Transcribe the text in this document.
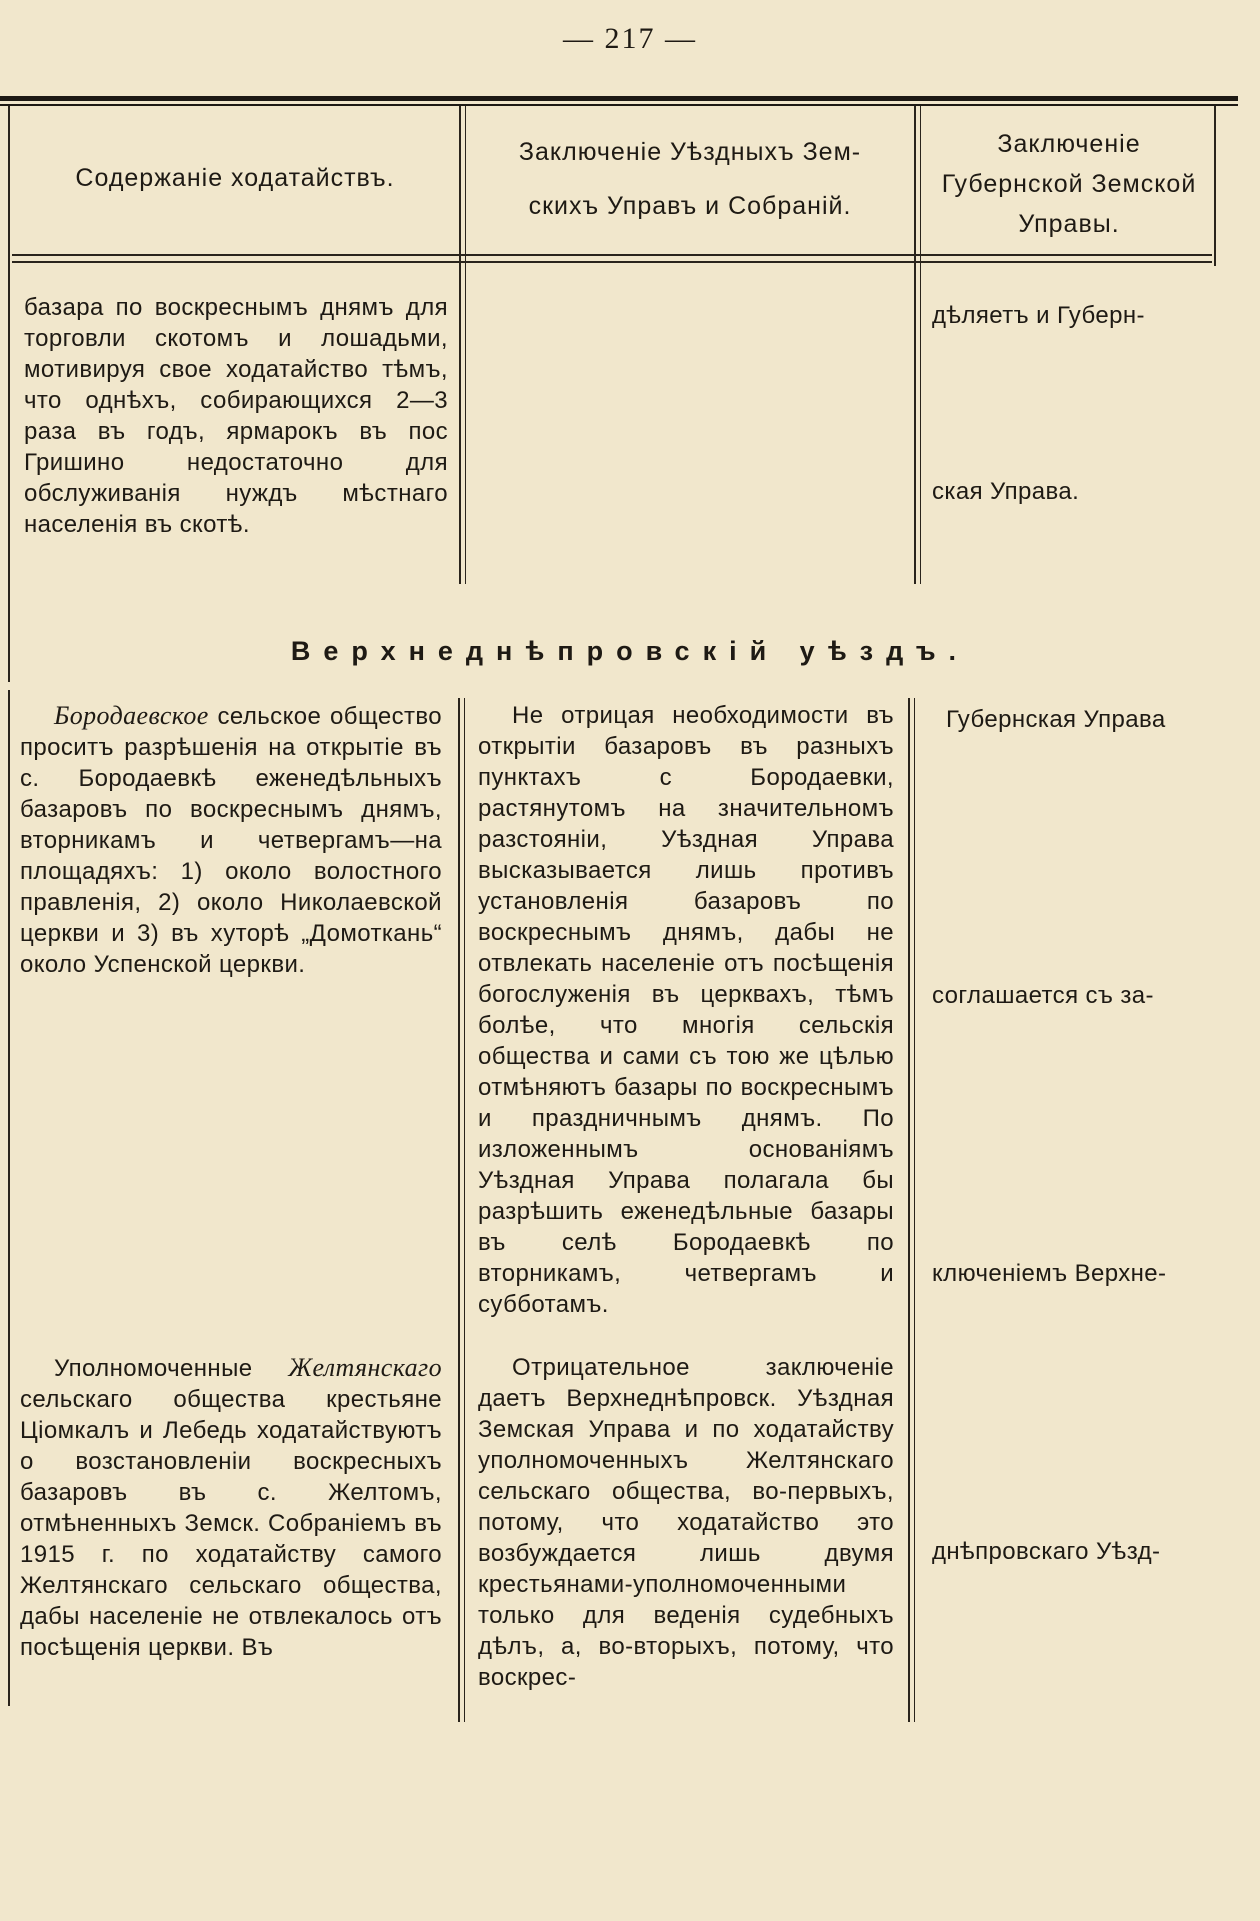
— 217 —
Содержаніе ходатайствъ.
Заключеніе Уѣздныхъ Зем-
скихъ Управъ и Собраній.
Заключеніе
Губернской Земской
Управы.

базара по воскреснымъ днямъ для торговли скотомъ и лошадьми, мотивируя свое ходатайство тѣмъ, что однѣхъ, собирающихся 2—3 раза въ годъ, ярмарокъ въ пос Гришино недостаточно для обслуживанія нуждъ мѣстнаго населенія въ скотѣ.

дѣляетъ и Губерн-
ская Управа.
Верхнеднѣпровскій уѣздъ.

Бородаевское сельское общество проситъ разрѣшенія на открытіе въ с. Бородаевкѣ еженедѣльныхъ базаровъ по воскреснымъ днямъ, вторникамъ и четвергамъ—на площадяхъ: 1) около волостного правленія, 2) около Николаевской церкви и 3) въ хуторѣ „Домоткань“ около Успенской церкви.

Не отрицая необходимости въ открытіи базаровъ въ разныхъ пунктахъ с Бородаевки, растянутомъ на значительномъ разстояніи, Уѣздная Управа высказывается лишь противъ установленія базаровъ по воскреснымъ днямъ, дабы не отвлекать населеніе отъ посѣщенія богослуженія въ церквахъ, тѣмъ болѣе, что многія сельскія общества и сами съ тою же цѣлью отмѣняютъ базары по воскреснымъ и праздничнымъ днямъ. По изложеннымъ основаніямъ Уѣздная Управа полагала бы разрѣшить еженедѣльные базары въ селѣ Бородаевкѣ по вторникамъ, четвергамъ и субботамъ.

Губернская Управа
соглашается съ за-
ключеніемъ Верхне-
днѣпровскаго Уѣзд-

Уполномоченные Желтянскаго сельскаго общества крестьяне Ціомкалъ и Лебедь ходатайствуютъ о возстановленіи воскресныхъ базаровъ въ с. Желтомъ, отмѣненныхъ Земск. Собраніемъ въ 1915 г. по ходатайству самого Желтянскаго сельскаго общества, дабы населеніе не отвлекалось отъ посѣщенія церкви. Въ

Отрицательное заключеніе даетъ Верхнеднѣпровск. Уѣздная Земская Управа и по ходатайству уполномоченныхъ Желтянскаго сельскаго общества, во-первыхъ, потому, что ходатайство это возбуждается лишь двумя крестьянами-уполномоченными только для веденія судебныхъ дѣлъ, а, во-вторыхъ, потому, что воскрес-
